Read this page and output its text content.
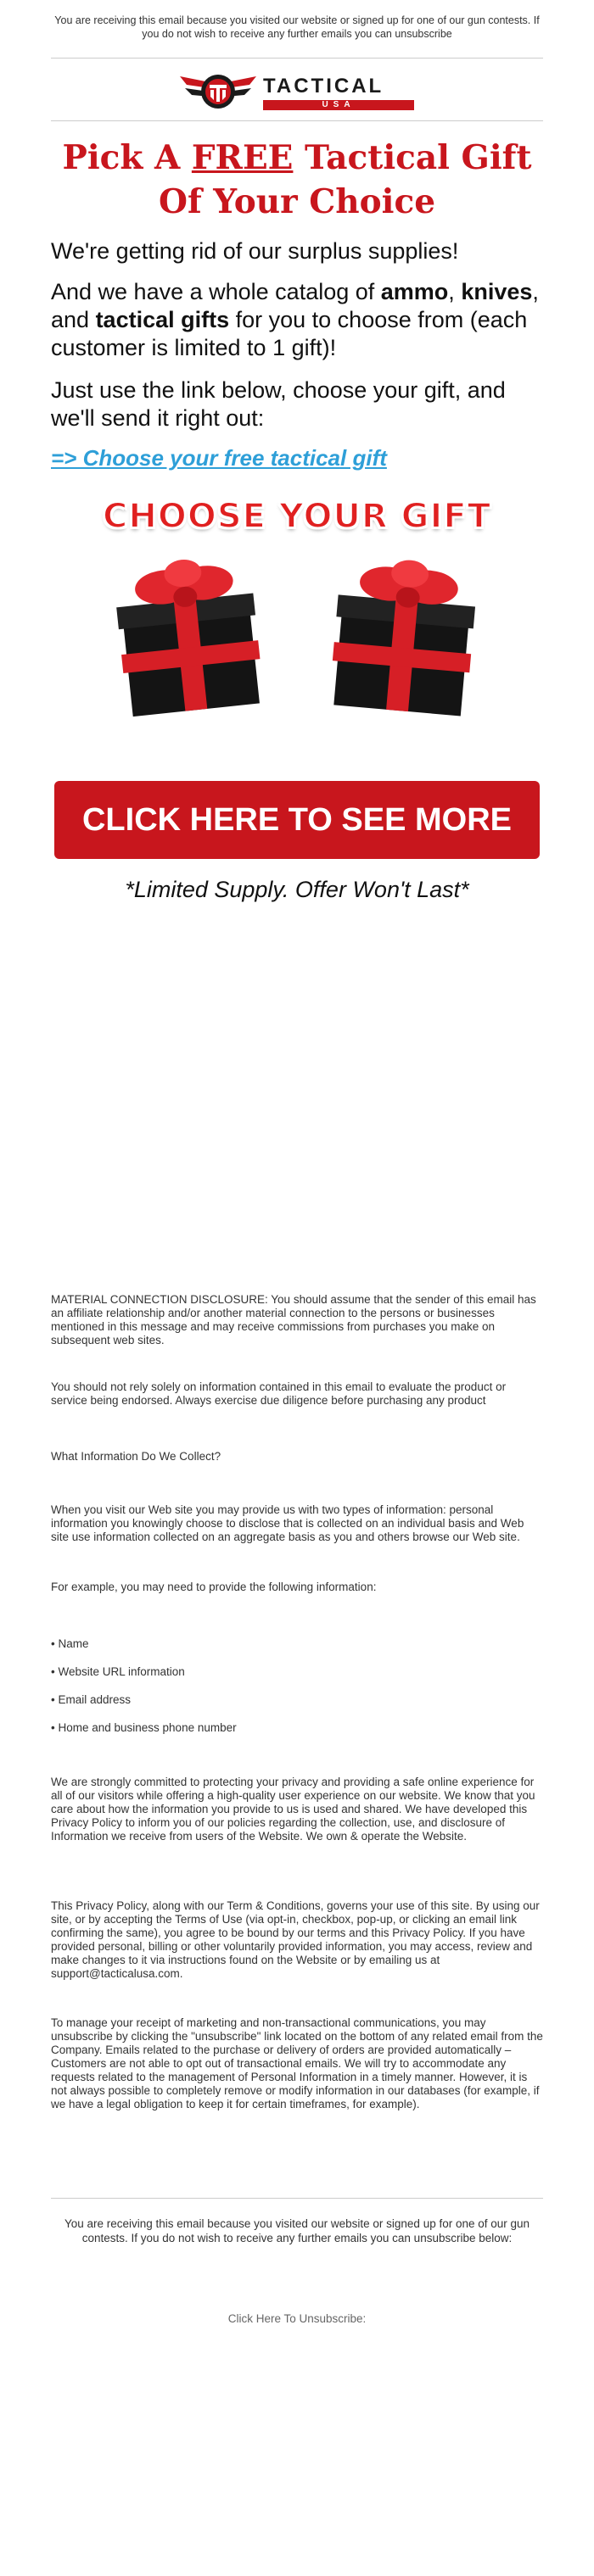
You are receiving this email because you visited our website or signed up for one of our gun contests. If you do not wish to receive any further emails you can unsubscribe
TACTICAL
USA
Pick A FREE Tactical Gift Of Your Choice
We're getting rid of our surplus supplies!
And we have a whole catalog of ammo, knives, and tactical gifts for you to choose from (each customer is limited to 1 gift)!
Just use the link below, choose your gift, and we'll send it right out:
=> Choose your free tactical gift
CHOOSE YOUR GIFT
CLICK HERE TO SEE MORE
*Limited Supply. Offer Won't Last*
MATERIAL CONNECTION DISCLOSURE: You should assume that the sender of this email has an affiliate relationship and/or another material connection to the persons or businesses mentioned in this message and may receive commissions from purchases you make on subsequent web sites.
You should not rely solely on information contained in this email to evaluate the product or service being endorsed. Always exercise due diligence before purchasing any product
What Information Do We Collect?
When you visit our Web site you may provide us with two types of information: personal information you knowingly choose to disclose that is collected on an individual basis and Web site use information collected on an aggregate basis as you and others browse our Web site.
For example, you may need to provide the following information:
• Name
• Website URL information
• Email address
• Home and business phone number
We are strongly committed to protecting your privacy and providing a safe online experience for all of our visitors while offering a high-quality user experience on our website. We know that you care about how the information you provide to us is used and shared. We have developed this Privacy Policy to inform you of our policies regarding the collection, use, and disclosure of Information we receive from users of the Website. We own & operate the Website.
This Privacy Policy, along with our Term & Conditions, governs your use of this site. By using our site, or by accepting the Terms of Use (via opt-in, checkbox, pop-up, or clicking an email link confirming the same), you agree to be bound by our terms and this Privacy Policy. If you have provided personal, billing or other voluntarily provided information, you may access, review and make changes to it via instructions found on the Website or by emailing us at support@tacticalusa.com.
To manage your receipt of marketing and non-transactional communications, you may unsubscribe by clicking the "unsubscribe" link located on the bottom of any related email from the Company. Emails related to the purchase or delivery of orders are provided automatically – Customers are not able to opt out of transactional emails. We will try to accommodate any requests related to the management of Personal Information in a timely manner. However, it is not always possible to completely remove or modify information in our databases (for example, if we have a legal obligation to keep it for certain timeframes, for example).
You are receiving this email because you visited our website or signed up for one of our gun contests. If you do not wish to receive any further emails you can unsubscribe below:
Click Here To Unsubscribe:
